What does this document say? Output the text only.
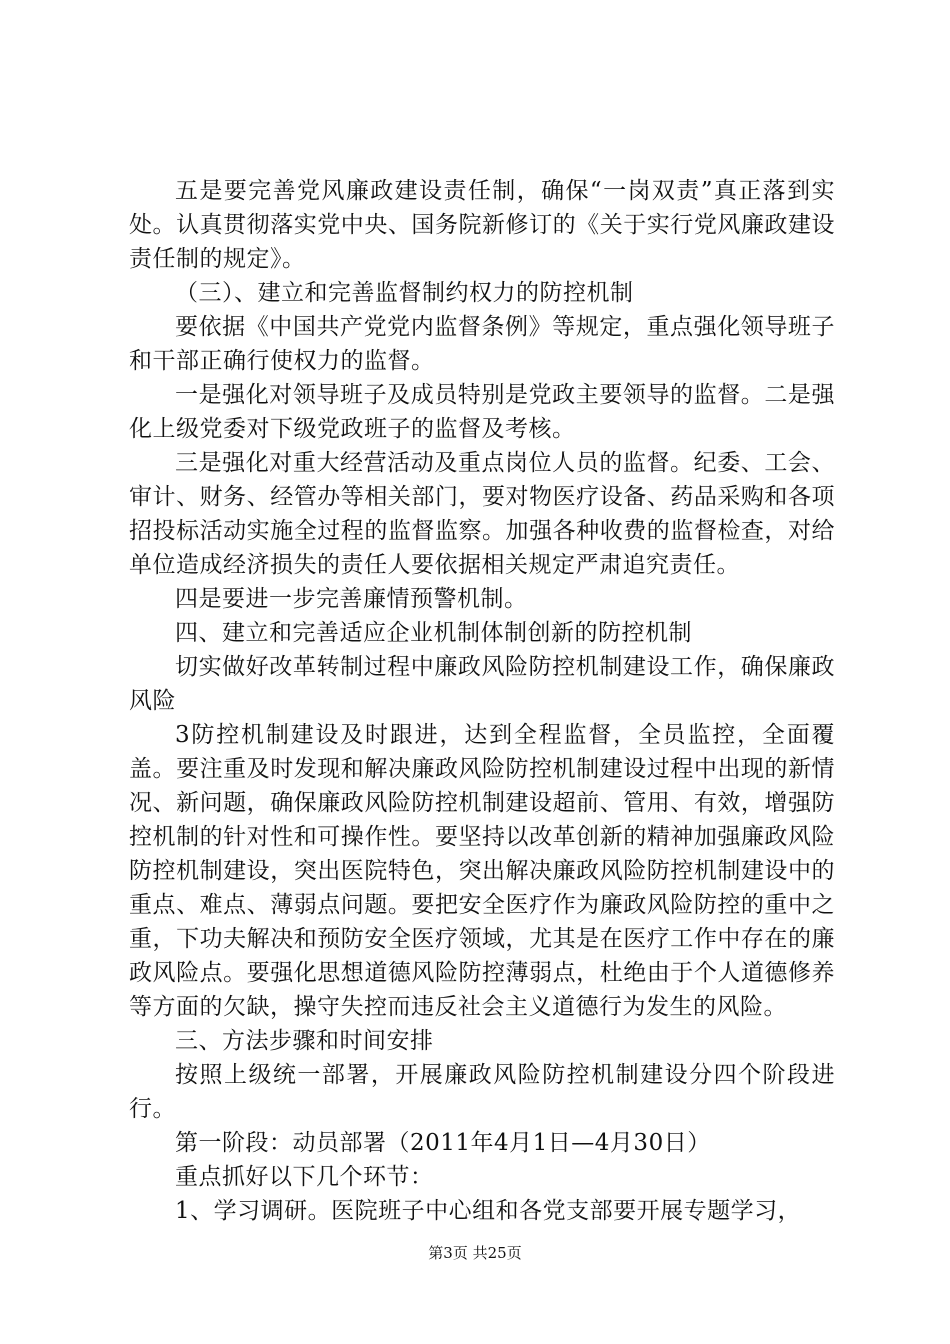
五是要完善党风廉政建设责任制，确保“一岗双责”真正落到实处。认真贯彻落实党中央、国务院新修订的《关于实行党风廉政建设责任制的规定》。

（三）、建立和完善监督制约权力的防控机制

要依据《中国共产党党内监督条例》等规定，重点强化领导班子和干部正确行使权力的监督。

一是强化对领导班子及成员特别是党政主要领导的监督。二是强化上级党委对下级党政班子的监督及考核。

三是强化对重大经营活动及重点岗位人员的监督。纪委、工会、审计、财务、经管办等相关部门，要对物医疗设备、药品采购和各项招投标活动实施全过程的监督监察。加强各种收费的监督检查，对给单位造成经济损失的责任人要依据相关规定严肃追究责任。

四是要进一步完善廉情预警机制。

四、建立和完善适应企业机制体制创新的防控机制

切实做好改革转制过程中廉政风险防控机制建设工作，确保廉政风险

3防控机制建设及时跟进，达到全程监督，全员监控，全面覆盖。要注重及时发现和解决廉政风险防控机制建设过程中出现的新情况、新问题，确保廉政风险防控机制建设超前、管用、有效，增强防控机制的针对性和可操作性。要坚持以改革创新的精神加强廉政风险防控机制建设，突出医院特色，突出解决廉政风险防控机制建设中的重点、难点、薄弱点问题。要把安全医疗作为廉政风险防控的重中之重，下功夫解决和预防安全医疗领域，尤其是在医疗工作中存在的廉政风险点。要强化思想道德风险防控薄弱点，杜绝由于个人道德修养等方面的欠缺，操守失控而违反社会主义道德行为发生的风险。

三、方法步骤和时间安排

按照上级统一部署，开展廉政风险防控机制建设分四个阶段进行。

第一阶段：动员部署（2011年4月1日—4月30日）

重点抓好以下几个环节：

1、学习调研。医院班子中心组和各党支部要开展专题学习，

第3页 共25页
